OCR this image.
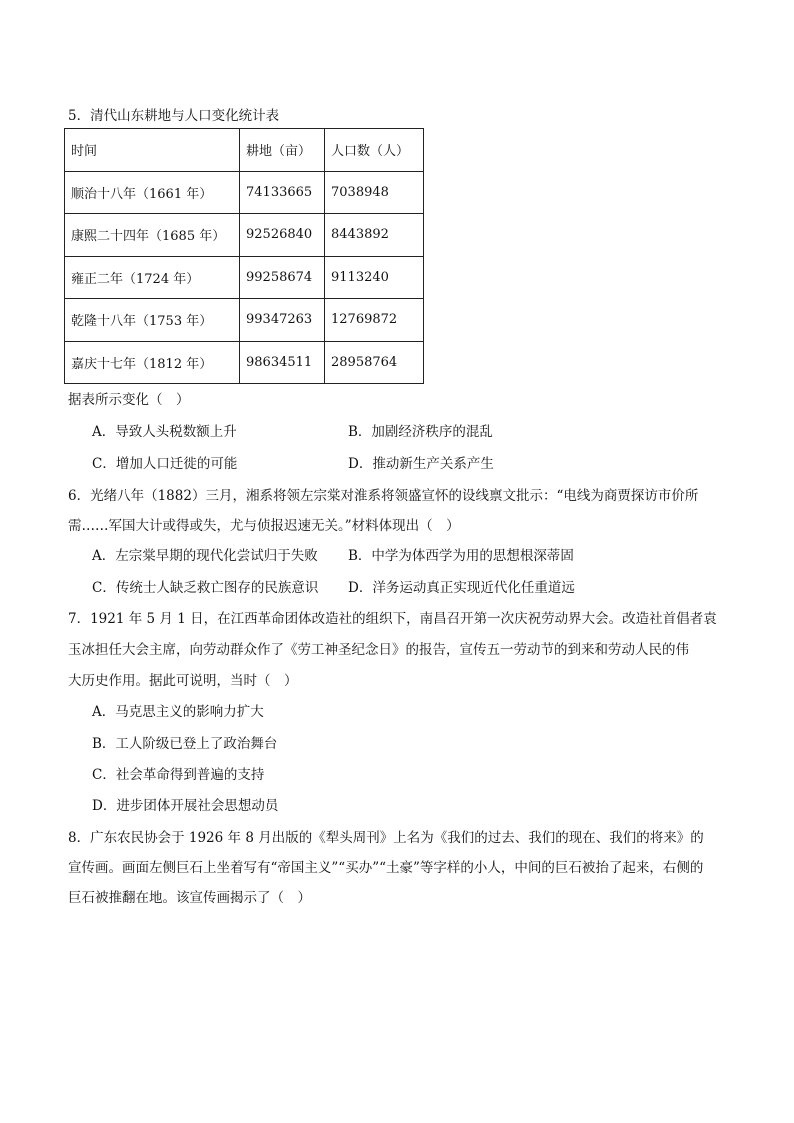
5．清代山东耕地与人口变化统计表
时间	耕地（亩）	人口数（人）
顺治十八年（1661 年）	74133665	7038948
康熙二十四年（1685 年）	92526840	8443892
雍正二年（1724 年）	99258674	9113240
乾隆十八年（1753 年）	99347263	12769872
嘉庆十七年（1812 年）	98634511	28958764
据表所示变化（　）
A．导致人头税数额上升	B．加剧经济秩序的混乱
C．增加人口迁徙的可能	D．推动新生产关系产生
6．光绪八年（1882）三月，湘系将领左宗棠对淮系将领盛宣怀的设线禀文批示：“电线为商贾探访市价所
需……军国大计或得或失，尤与侦报迟速无关。”材料体现出（　）
A．左宗棠早期的现代化尝试归于失败 B．中学为体西学为用的思想根深蒂固
C．传统士人缺乏救亡图存的民族意识 D．洋务运动真正实现近代化任重道远
7．1921 年 5 月 1 日，在江西革命团体改造社的组织下，南昌召开第一次庆祝劳动界大会。改造社首倡者袁
玉冰担任大会主席，向劳动群众作了《劳工神圣纪念日》的报告，宣传五一劳动节的到来和劳动人民的伟
大历史作用。据此可说明，当时（　）
A．马克思主义的影响力扩大
B．工人阶级已登上了政治舞台
C．社会革命得到普遍的支持
D．进步团体开展社会思想动员
8．广东农民协会于 1926 年 8 月出版的《犁头周刊》上名为《我们的过去、我们的现在、我们的将来》的
宣传画。画面左侧巨石上坐着写有“帝国主义”“买办”“土豪”等字样的小人，中间的巨石被抬了起来，右侧的
巨石被推翻在地。该宣传画揭示了（　）
